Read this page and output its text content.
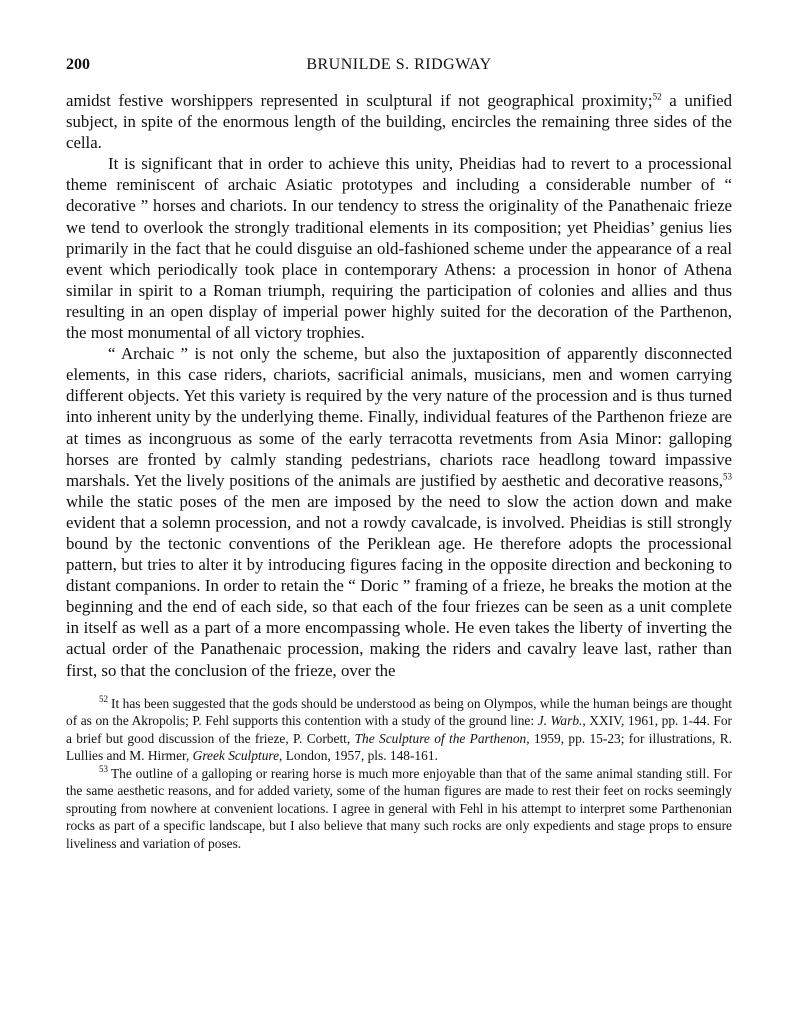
200	BRUNILDE S. RIDGWAY

amidst festive worshippers represented in sculptural if not geographical proximity;$^{52}$ a unified subject, in spite of the enormous length of the building, encircles the remaining three sides of the cella.

It is significant that in order to achieve this unity, Pheidias had to revert to a processional theme reminiscent of archaic Asiatic prototypes and including a considerable number of “ decorative ” horses and chariots. In our tendency to stress the originality of the Panathenaic frieze we tend to overlook the strongly traditional elements in its composition; yet Pheidias’ genius lies primarily in the fact that he could disguise an old-fashioned scheme under the appearance of a real event which periodically took place in contemporary Athens: a procession in honor of Athena similar in spirit to a Roman triumph, requiring the participation of colonies and allies and thus resulting in an open display of imperial power highly suited for the decoration of the Parthenon, the most monumental of all victory trophies.

“ Archaic ” is not only the scheme, but also the juxtaposition of apparently disconnected elements, in this case riders, chariots, sacrificial animals, musicians, men and women carrying different objects. Yet this variety is required by the very nature of the procession and is thus turned into inherent unity by the underlying theme. Finally, individual features of the Parthenon frieze are at times as incongruous as some of the early terracotta revetments from Asia Minor: galloping horses are fronted by calmly standing pedestrians, chariots race headlong toward impassive marshals. Yet the lively positions of the animals are justified by aesthetic and decorative reasons,$^{53}$ while the static poses of the men are imposed by the need to slow the action down and make evident that a solemn procession, and not a rowdy cavalcade, is involved. Pheidias is still strongly bound by the tectonic conventions of the Periklean age. He therefore adopts the processional pattern, but tries to alter it by introducing figures facing in the opposite direction and beckoning to distant companions. In order to retain the “ Doric ” framing of a frieze, he breaks the motion at the beginning and the end of each side, so that each of the four friezes can be seen as a unit complete in itself as well as a part of a more encompassing whole. He even takes the liberty of inverting the actual order of the Panathenaic procession, making the riders and cavalry leave last, rather than first, so that the conclusion of the frieze, over the

$^{52}$ It has been suggested that the gods should be understood as being on Olympos, while the human beings are thought of as on the Akropolis; P. Fehl supports this contention with a study of the ground line: J. Warb., XXIV, 1961, pp. 1-44. For a brief but good discussion of the frieze, P. Corbett, The Sculpture of the Parthenon, 1959, pp. 15-23; for illustrations, R. Lullies and M. Hirmer, Greek Sculpture, London, 1957, pls. 148-161.

$^{53}$ The outline of a galloping or rearing horse is much more enjoyable than that of the same animal standing still. For the same aesthetic reasons, and for added variety, some of the human figures are made to rest their feet on rocks seemingly sprouting from nowhere at convenient locations. I agree in general with Fehl in his attempt to interpret some Parthenonian rocks as part of a specific landscape, but I also believe that many such rocks are only expedients and stage props to ensure liveliness and variation of poses.
